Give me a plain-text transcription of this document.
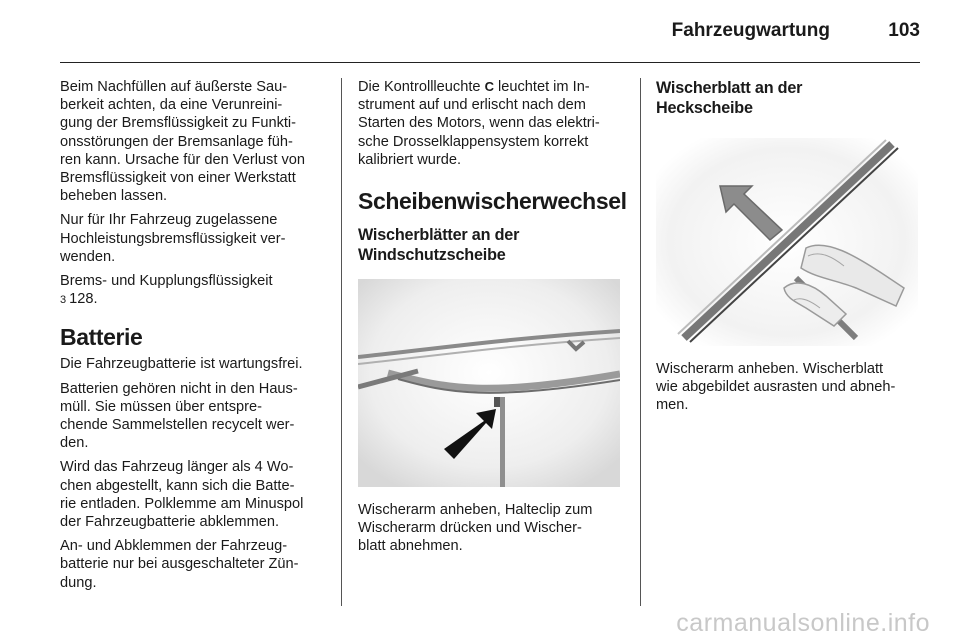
Fahrzeugwartung	103

Beim Nachfüllen auf äußerste Sau-
berkeit achten, da eine Verunreini-
gung der Bremsflüssigkeit zu Funkti-
onsstörungen der Bremsanlage füh-
ren kann. Ursache für den Verlust von
Bremsflüssigkeit von einer Werkstatt
beheben lassen.

Nur für Ihr Fahrzeug zugelassene
Hochleistungsbremsflüssigkeit ver-
wenden.

Brems- und Kupplungsflüssigkeit
3 128.

Batterie

Die Fahrzeugbatterie ist wartungsfrei.

Batterien gehören nicht in den Haus-
müll. Sie müssen über entspre-
chende Sammelstellen recycelt wer-
den.

Wird das Fahrzeug länger als 4 Wo-
chen abgestellt, kann sich die Batte-
rie entladen. Polklemme am Minuspol
der Fahrzeugbatterie abklemmen.

An- und Abklemmen der Fahrzeug-
batterie nur bei ausgeschalteter Zün-
dung.

Die Kontrollleuchte C leuchtet im In-
strument auf und erlischt nach dem
Starten des Motors, wenn das elektri-
sche Drosselklappensystem korrekt
kalibriert wurde.

Scheibenwischerwechsel
Wischerblätter an der
Windschutzscheibe

Wischerarm anheben, Halteclip zum
Wischerarm drücken und Wischer-
blatt abnehmen.

Wischerblatt an der
Heckscheibe

Wischerarm anheben. Wischerblatt
wie abgebildet ausrasten und abneh-
men.

carmanualsonline.info
